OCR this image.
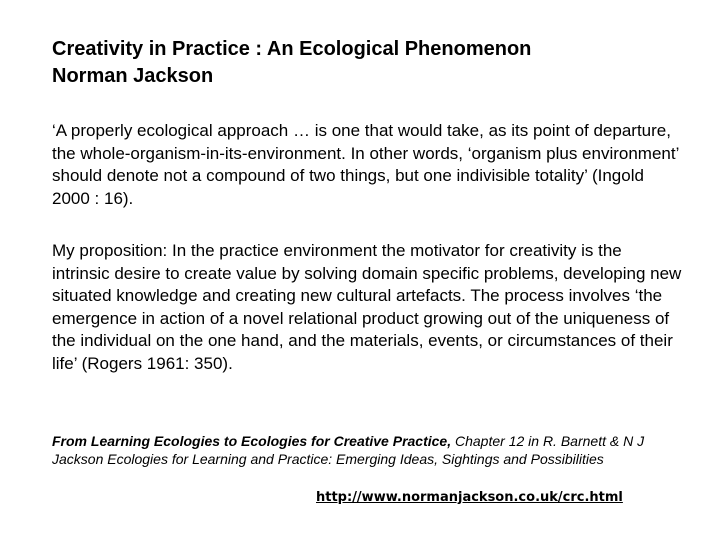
Creativity in Practice : An Ecological Phenomenon
Norman Jackson

‘A properly ecological approach … is one that would take, as its point of departure, the whole-organism-in-its-environment. In other words, ‘organism plus environment’ should denote not a compound of two things, but one indivisible totality’ (Ingold 2000 : 16).

My proposition: In the practice environment the motivator for creativity is the intrinsic desire to create value by solving domain specific problems, developing new situated knowledge and creating new cultural artefacts. The process involves ‘the emergence in action of a novel relational product growing out of the uniqueness of the individual on the one hand, and the materials, events, or circumstances of their life’ (Rogers 1961: 350).

From Learning Ecologies to Ecologies for Creative Practice, Chapter 12 in R. Barnett & N J Jackson Ecologies for Learning and Practice: Emerging Ideas, Sightings and Possibilities

http://www.normanjackson.co.uk/crc.html
